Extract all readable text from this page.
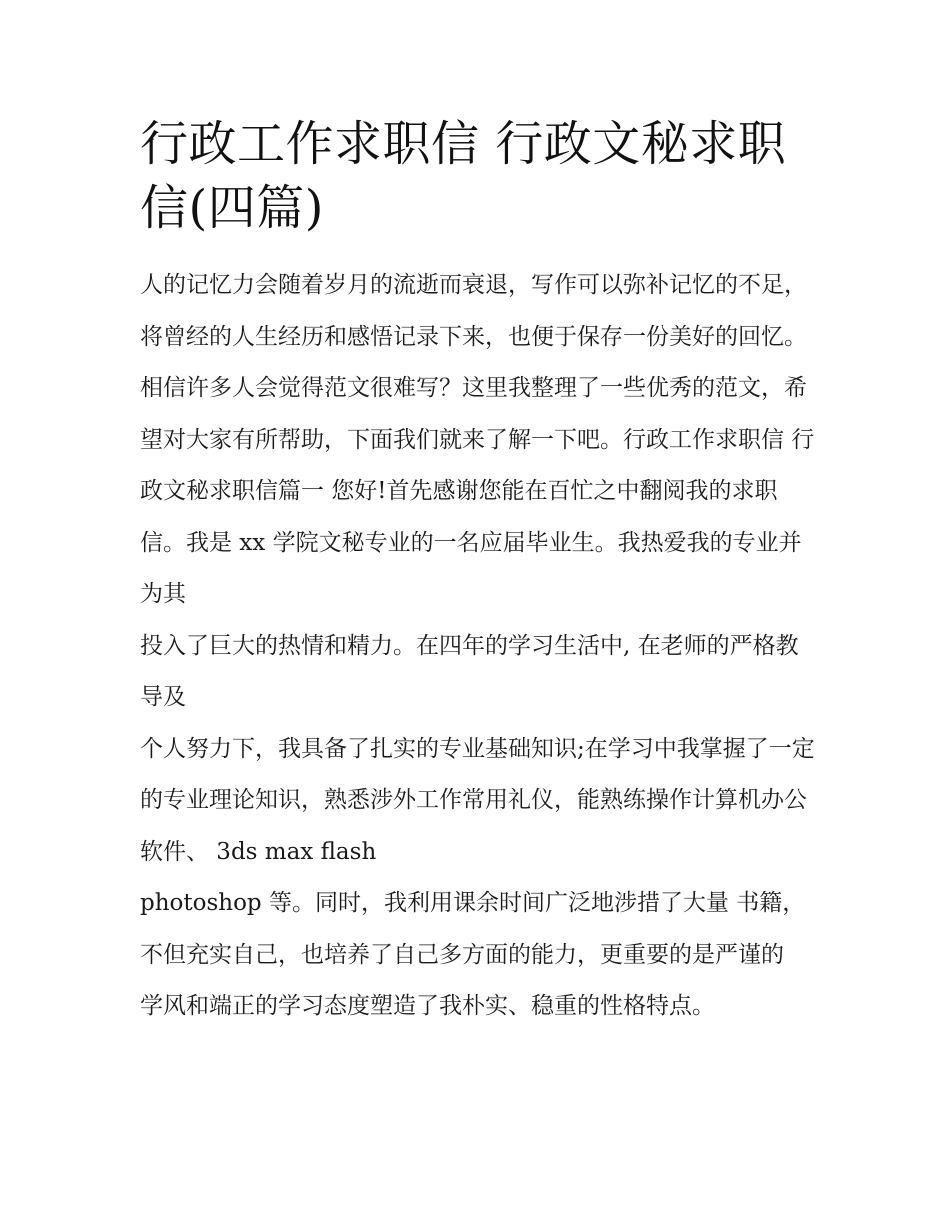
行政工作求职信 行政文秘求职信(四篇)

人的记忆力会随着岁月的流逝而衰退，写作可以弥补记忆的不足，将曾经的人生经历和感悟记录下来，也便于保存一份美好的回忆。相信许多人会觉得范文很难写？这里我整理了一些优秀的范文，希望对大家有所帮助，下面我们就来了解一下吧。行政工作求职信 行政文秘求职信篇一 您好!首先感谢您能在百忙之中翻阅我的求职信。我是 xx 学院文秘专业的一名应届毕业生。我热爱我的专业并为其

投入了巨大的热情和精力。在四年的学习生活中, 在老师的严格教导及

个人努力下，我具备了扎实的专业基础知识;在学习中我掌握了一定的专业理论知识，熟悉涉外工作常用礼仪，能熟练操作计算机办公软件、 3ds max flash

photoshop 等。同时，我利用课余时间广泛地涉措了大量 书籍，不但充实自己，也培养了自己多方面的能力，更重要的是严谨的

学风和端正的学习态度塑造了我朴实、稳重的性格特点。
